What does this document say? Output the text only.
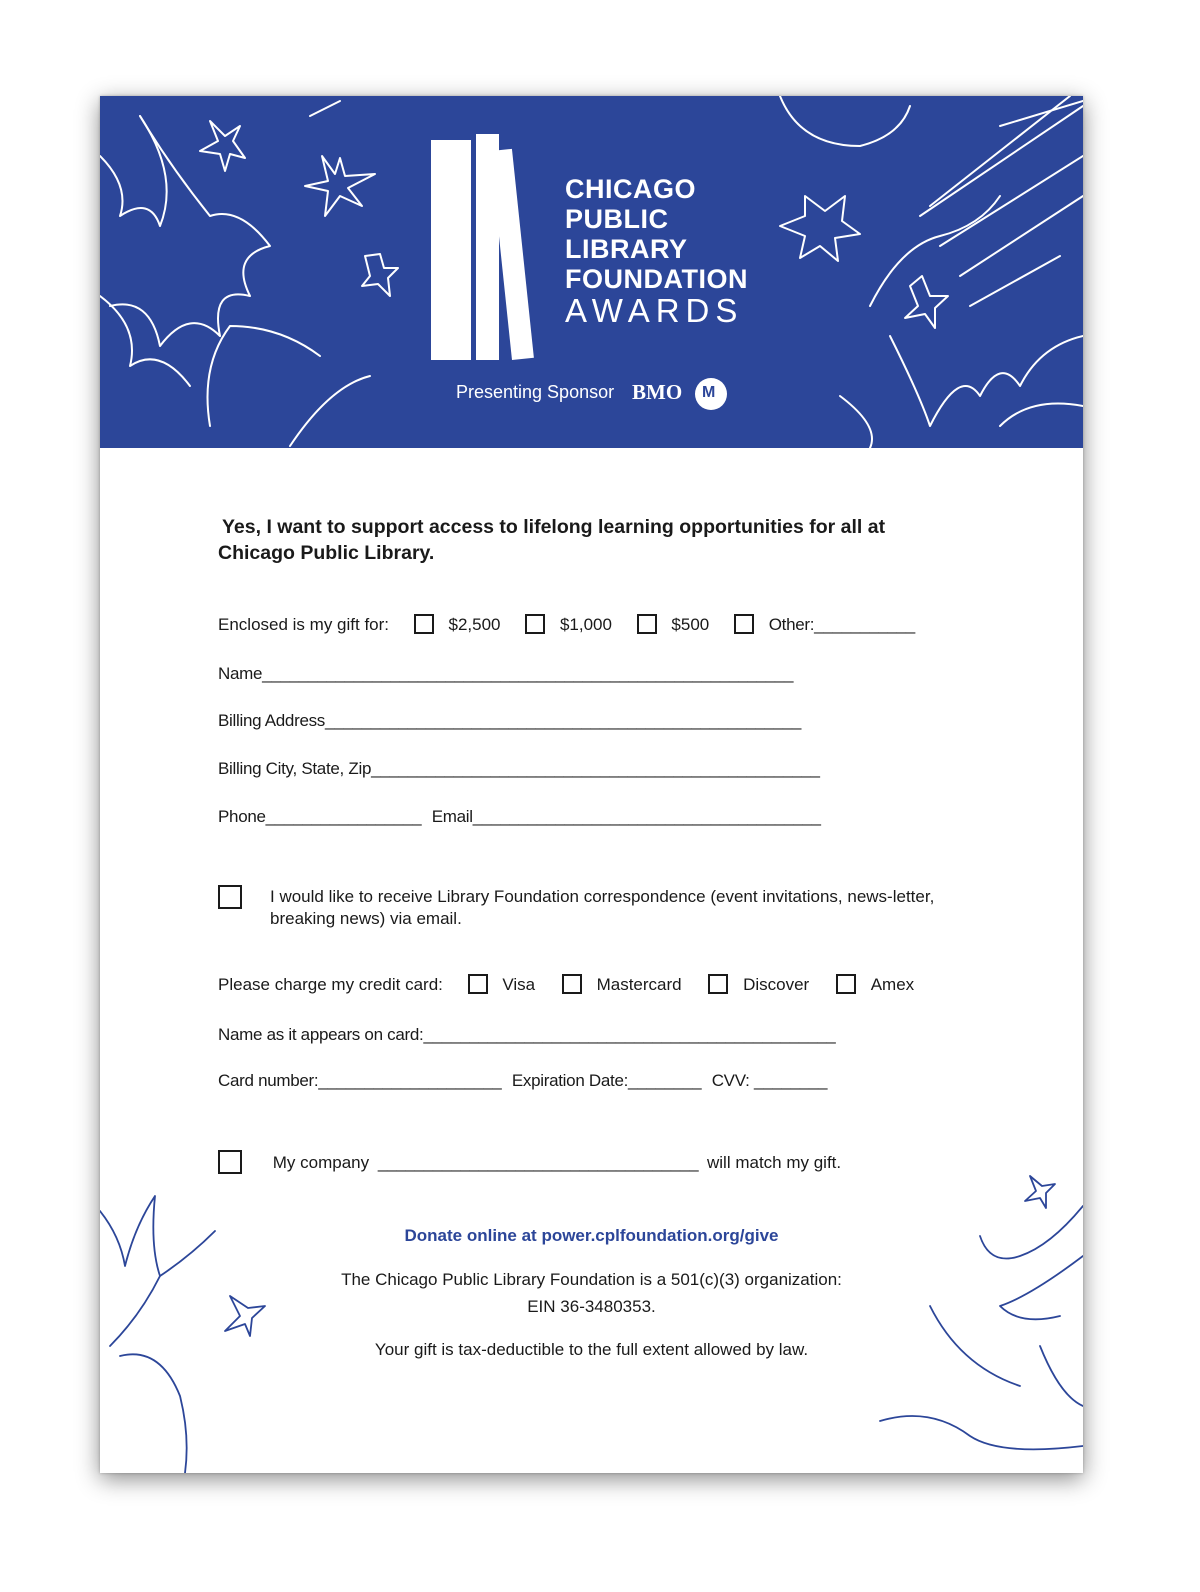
CHICAGO
PUBLIC
LIBRARY
FOUNDATION
AWARDS
Presenting Sponsor BMO M
Yes, I want to support access to lifelong learning opportunities for all at
Chicago Public Library.
Enclosed is my gift for:	$2,500	$1,000	$500	Other:___________
Name__________________________________________________________
Billing Address____________________________________________________
Billing City, State, Zip_________________________________________________
Phone_________________ Email______________________________________
I would like to receive Library Foundation correspondence (event invitations, news-letter, breaking news) via email.
Please charge my credit card:	Visa	Mastercard	Discover	Amex
Name as it appears on card:_____________________________________________
Card number:____________________ Expiration Date:________ CVV: ________
My company ___________________________________ will match my gift.
Donate online at power.cplfoundation.org/give
The Chicago Public Library Foundation is a 501(c)(3) organization:
EIN 36-3480353.
Your gift is tax-deductible to the full extent allowed by law.
